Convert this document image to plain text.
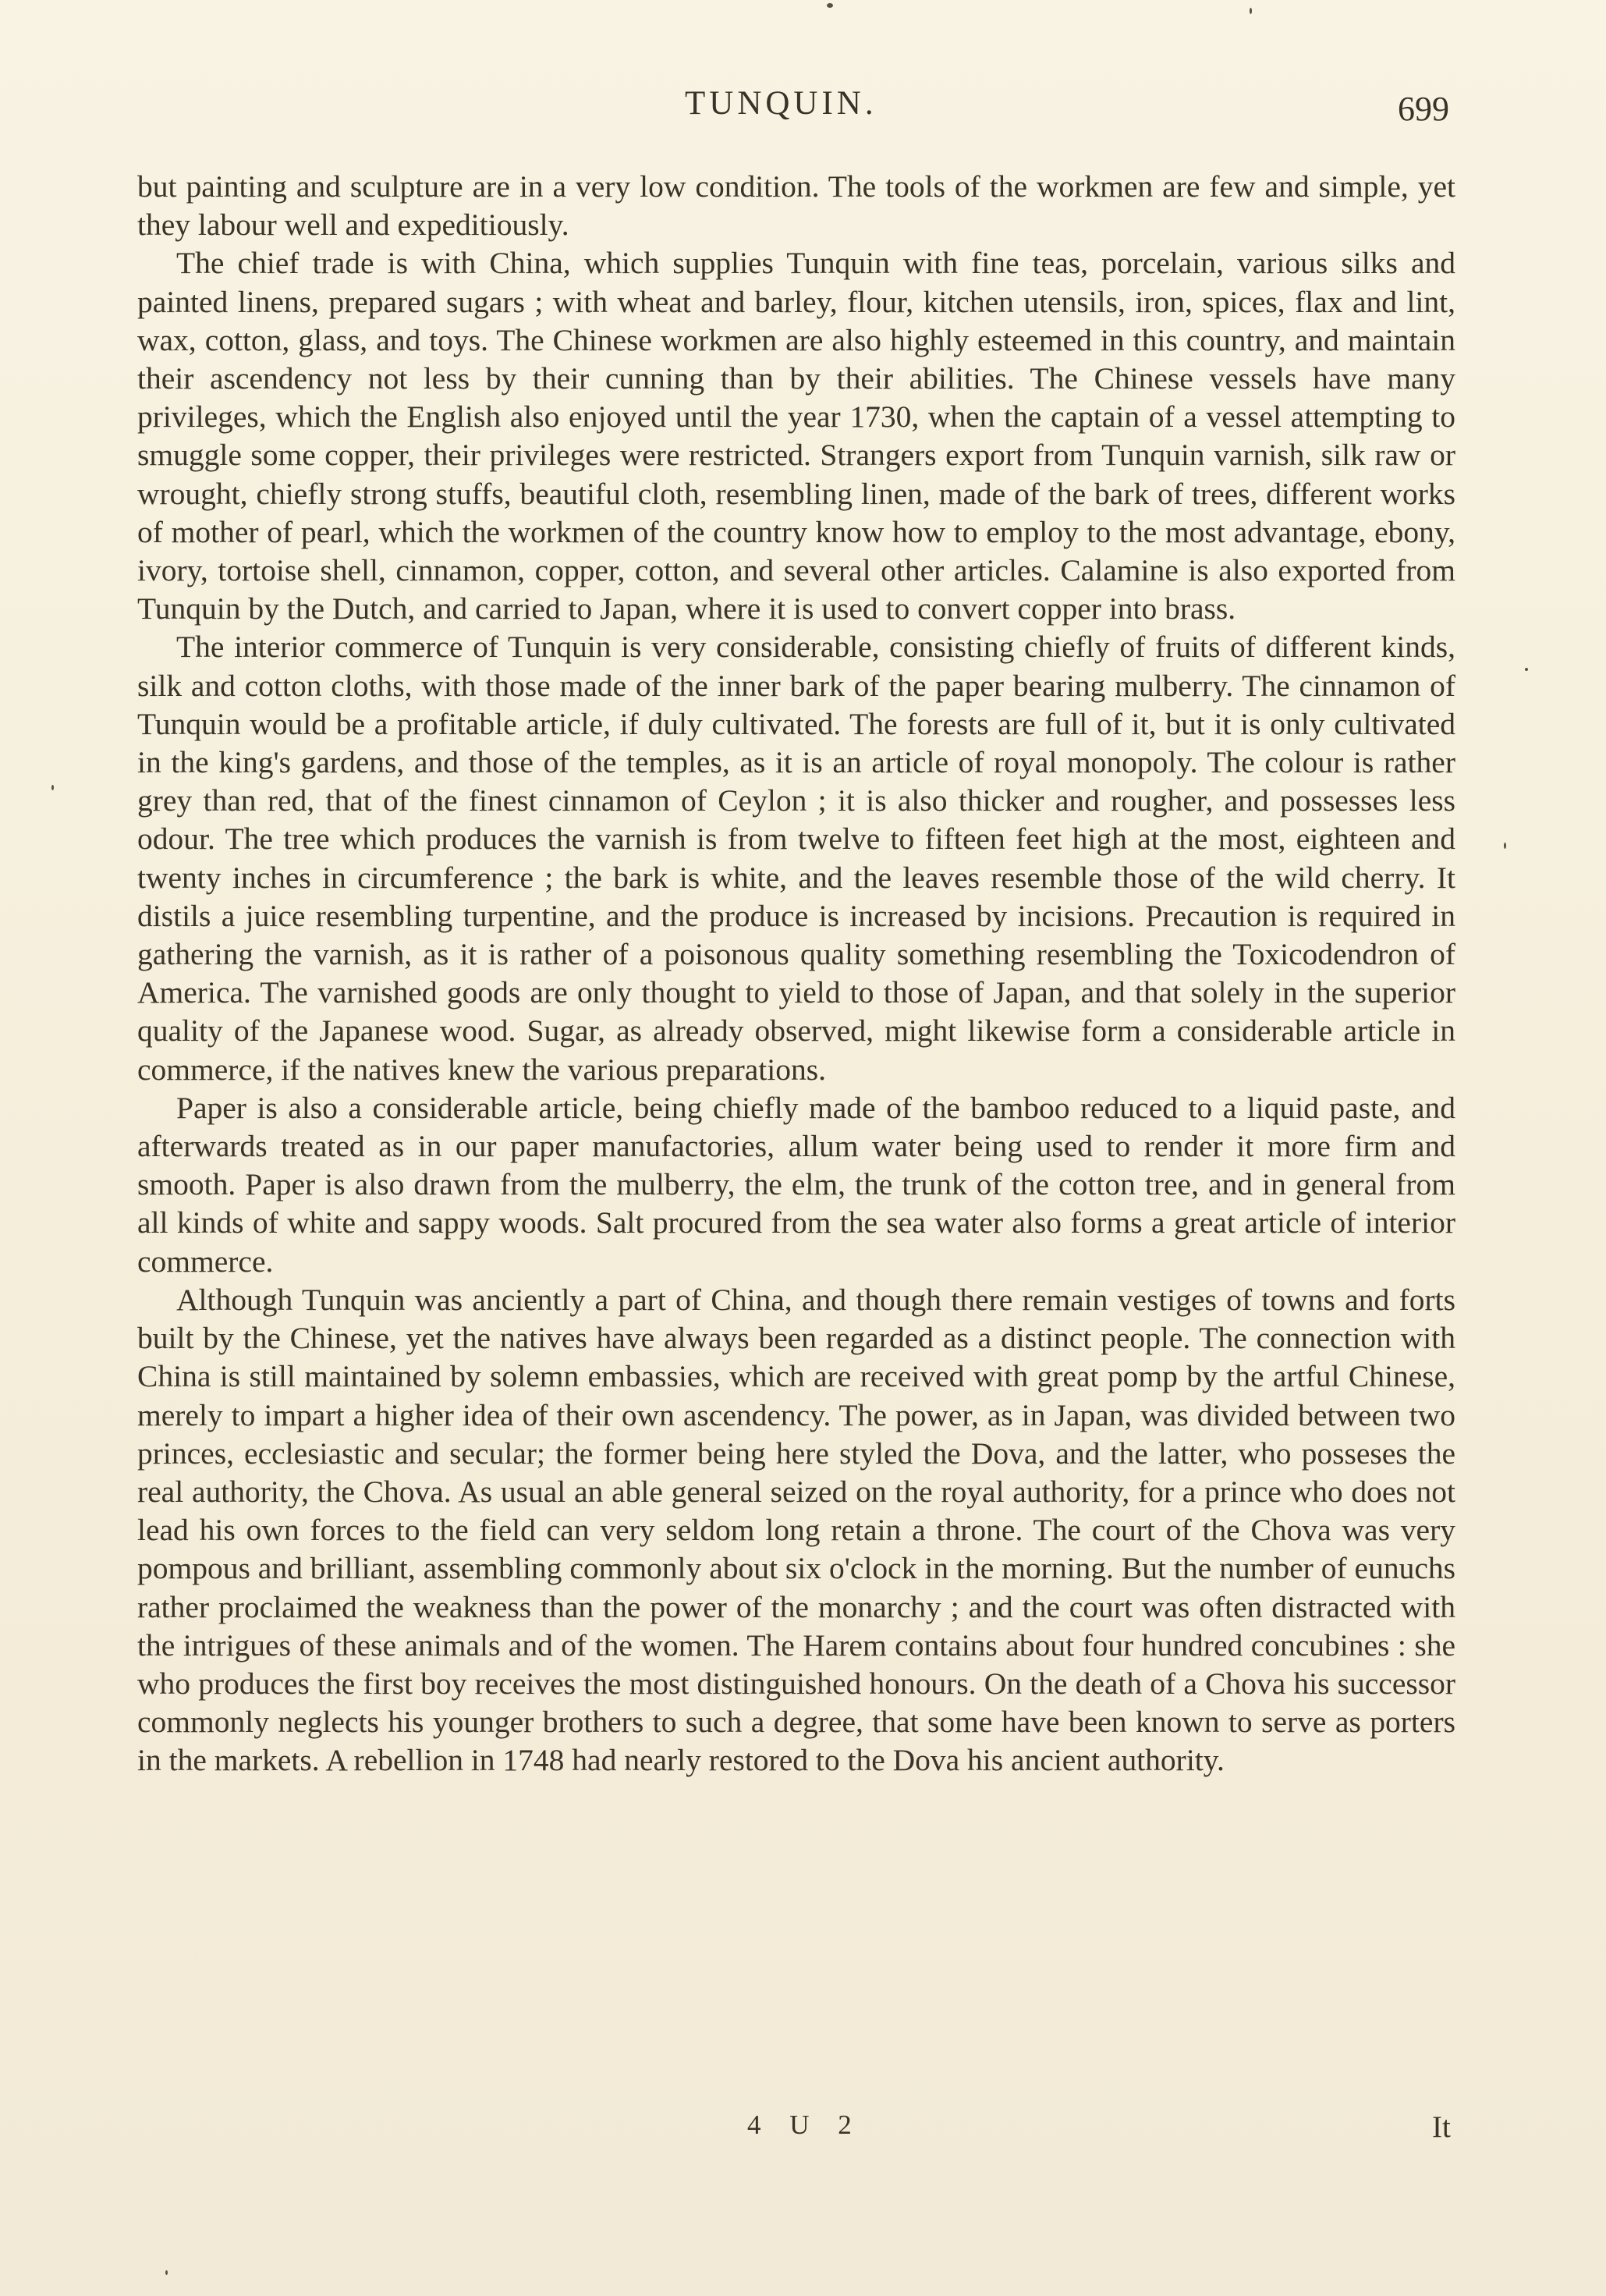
TUNQUIN.	699

but painting and sculpture are in a very low condition. The tools of the workmen are few and simple, yet they labour well and expeditiously.

The chief trade is with China, which supplies Tunquin with fine teas, porcelain, various silks and painted linens, prepared sugars ; with wheat and barley, flour, kitchen utensils, iron, spices, flax and lint, wax, cotton, glass, and toys. The Chinese workmen are also highly esteemed in this country, and maintain their ascendency not less by their cunning than by their abilities. The Chinese vessels have many privileges, which the English also enjoyed until the year 1730, when the captain of a vessel attempting to smuggle some copper, their privileges were restricted. Strangers export from Tunquin varnish, silk raw or wrought, chiefly strong stuffs, beautiful cloth, resembling linen, made of the bark of trees, different works of mother of pearl, which the workmen of the country know how to employ to the most advantage, ebony, ivory, tortoise shell, cinnamon, copper, cotton, and several other articles. Calamine is also exported from Tunquin by the Dutch, and carried to Japan, where it is used to convert copper into brass.

The interior commerce of Tunquin is very considerable, consisting chiefly of fruits of different kinds, silk and cotton cloths, with those made of the inner bark of the paper bearing mulberry. The cinnamon of Tunquin would be a profitable article, if duly cultivated. The forests are full of it, but it is only cultivated in the king's gardens, and those of the temples, as it is an article of royal monopoly. The colour is rather grey than red, that of the finest cinnamon of Ceylon ; it is also thicker and rougher, and possesses less odour. The tree which produces the varnish is from twelve to fifteen feet high at the most, eighteen and twenty inches in circumference ; the bark is white, and the leaves resemble those of the wild cherry. It distils a juice resembling turpentine, and the produce is increased by incisions. Precaution is required in gathering the varnish, as it is rather of a poisonous quality something resembling the Toxicodendron of America. The varnished goods are only thought to yield to those of Japan, and that solely in the superior quality of the Japanese wood. Sugar, as already observed, might likewise form a considerable article in commerce, if the natives knew the various preparations.

Paper is also a considerable article, being chiefly made of the bamboo reduced to a liquid paste, and afterwards treated as in our paper manufactories, allum water being used to render it more firm and smooth. Paper is also drawn from the mulberry, the elm, the trunk of the cotton tree, and in general from all kinds of white and sappy woods. Salt procured from the sea water also forms a great article of interior commerce.

Although Tunquin was anciently a part of China, and though there remain vestiges of towns and forts built by the Chinese, yet the natives have always been regarded as a distinct people. The connection with China is still maintained by solemn embassies, which are received with great pomp by the artful Chinese, merely to impart a higher idea of their own ascendency. The power, as in Japan, was divided between two princes, ecclesiastic and secular; the former being here styled the Dova, and the latter, who posseses the real authority, the Chova. As usual an able general seized on the royal authority, for a prince who does not lead his own forces to the field can very seldom long retain a throne. The court of the Chova was very pompous and brilliant, assembling commonly about six o'clock in the morning. But the number of eunuchs rather proclaimed the weakness than the power of the monarchy ; and the court was often distracted with the intrigues of these animals and of the women. The Harem contains about four hundred concubines : she who produces the first boy receives the most distinguished honours. On the death of a Chova his successor commonly neglects his younger brothers to such a degree, that some have been known to serve as porters in the markets. A rebellion in 1748 had nearly restored to the Dova his ancient authority.

4 U 2	It
